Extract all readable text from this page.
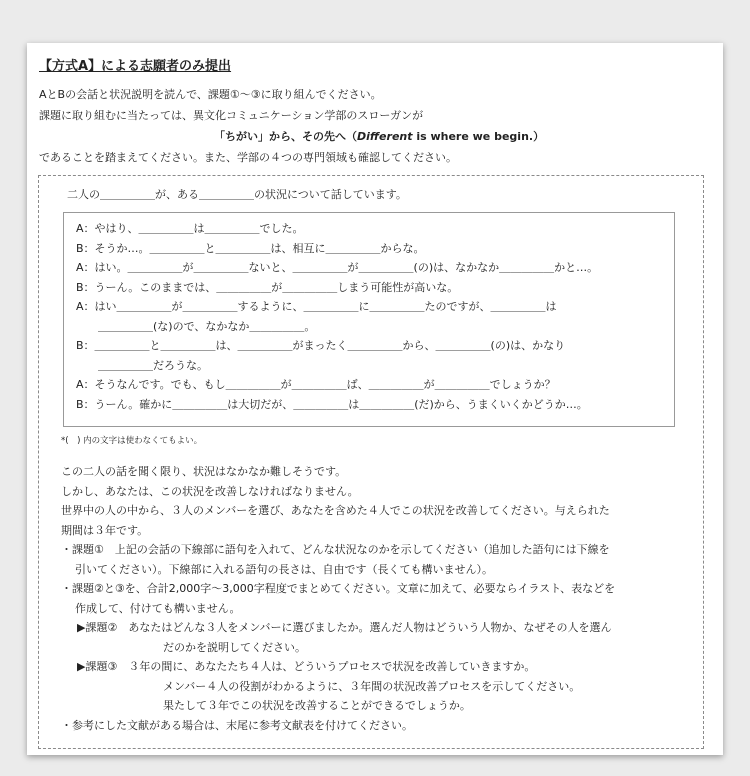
【方式A】による志願者のみ提出

AとBの会話と状況説明を読んで、課題①〜③に取り組んでください。

課題に取り組むに当たっては、異文化コミュニケーション学部のスローガンが

「ちがい」から、その先へ（Different is where we begin.）

であることを踏まえてください。また、学部の４つの専門領域も確認してください。

二人の＿＿＿＿＿が、ある＿＿＿＿＿の状況について話しています。

A：やはり、＿＿＿＿＿は＿＿＿＿＿でした。

B：そうか…。＿＿＿＿＿と＿＿＿＿＿は、相互に＿＿＿＿＿からな。

A：はい。＿＿＿＿＿が＿＿＿＿＿ないと、＿＿＿＿＿が＿＿＿＿＿(の)は、なかなか＿＿＿＿＿かと…。

B：うーん。このままでは、＿＿＿＿＿が＿＿＿＿＿しまう可能性が高いな。

A：はい＿＿＿＿＿が＿＿＿＿＿するように、＿＿＿＿＿に＿＿＿＿＿たのですが、＿＿＿＿＿は

＿＿＿＿＿(な)ので、なかなか＿＿＿＿＿。

B：＿＿＿＿＿と＿＿＿＿＿は、＿＿＿＿＿がまったく＿＿＿＿＿から、＿＿＿＿＿(の)は、かなり

＿＿＿＿＿だろうな。

A：そうなんです。でも、もし＿＿＿＿＿が＿＿＿＿＿ば、＿＿＿＿＿が＿＿＿＿＿でしょうか？

B：うーん。確かに＿＿＿＿＿は大切だが、＿＿＿＿＿は＿＿＿＿＿(だ)から、うまくいくかどうか…。

*(　) 内の文字は使わなくてもよい。

この二人の話を聞く限り、状況はなかなか難しそうです。

しかし、あなたは、この状況を改善しなければなりません。

世界中の人の中から、３人のメンバーを選び、あなたを含めた４人でこの状況を改善してください。与えられた

期間は３年です。

・課題①　上記の会話の下線部に語句を入れて、どんな状況なのかを示してください（追加した語句には下線を

引いてください）。下線部に入れる語句の長さは、自由です（長くても構いません）。

・課題②と③を、合計2,000字〜3,000字程度でまとめてください。文章に加えて、必要ならイラスト、表などを

作成して、付けても構いません。

▶課題②　あなたはどんな３人をメンバーに選びましたか。選んだ人物はどういう人物か、なぜその人を選ん

だのかを説明してください。

▶課題③　３年の間に、あなたたち４人は、どういうプロセスで状況を改善していきますか。

メンバー４人の役割がわかるように、３年間の状況改善プロセスを示してください。

果たして３年でこの状況を改善することができるでしょうか。

・参考にした文献がある場合は、末尾に参考文献表を付けてください。
